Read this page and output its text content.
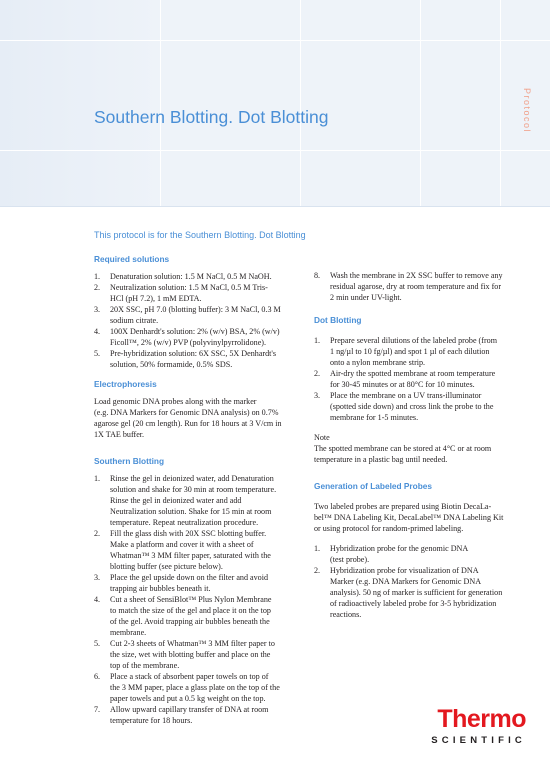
Protocol
Southern Blotting. Dot Blotting
This protocol is for the Southern Blotting. Dot Blotting
Required solutions
1. Denaturation solution: 1.5 M NaCl, 0.5 M NaOH.
2. Neutralization solution: 1.5 M NaCl, 0.5 M Tris-
HCl (pH 7.2), 1 mM EDTA.
3. 20X SSC, pH 7.0 (blotting buffer): 3 M NaCl, 0.3 M
sodium citrate.
4. 100X Denhardt's solution: 2% (w/v) BSA, 2% (w/v)
Ficoll™, 2% (w/v) PVP (polyvinylpyrrolidone).
5. Pre-hybridization solution: 6X SSC, 5X Denhardt's
solution, 50% formamide, 0.5% SDS.
Electrophoresis

Load genomic DNA probes along with the marker
(e.g. DNA Markers for Genomic DNA analysis) on 0.7%
agarose gel (20 cm length). Run for 18 hours at 3 V/cm in
1X TAE buffer.

Southern Blotting
1. Rinse the gel in deionized water, add Denaturation
solution and shake for 30 min at room temperature.
Rinse the gel in deionized water and add
Neutralization solution. Shake for 15 min at room
temperature. Repeat neutralization procedure.
2. Fill the glass dish with 20X SSC blotting buffer.
Make a platform and cover it with a sheet of
Whatman™ 3 MM filter paper, saturated with the
blotting buffer (see picture below).
3. Place the gel upside down on the filter and avoid
trapping air bubbles beneath it.
4. Cut a sheet of SensiBlot™ Plus Nylon Membrane
to match the size of the gel and place it on the top
of the gel. Avoid trapping air bubbles beneath the
membrane.
5. Cut 2-3 sheets of Whatman™ 3 MM filter paper to
the size, wet with blotting buffer and place on the
top of the membrane.
6. Place a stack of absorbent paper towels on top of
the 3 MM paper, place a glass plate on the top of the
paper towels and put a 0.5 kg weight on the top.
7. Allow upward capillary transfer of DNA at room
temperature for 18 hours.
8. Wash the membrane in 2X SSC buffer to remove any
residual agarose, dry at room temperature and fix for
2 min under UV-light.
Dot Blotting
1. Prepare several dilutions of the labeled probe (from
1 ng/µl to 10 fg/µl) and spot 1 µl of each dilution
onto a nylon membrane strip.
2. Air-dry the spotted membrane at room temperature
for 30-45 minutes or at 80°C for 10 minutes.
3. Place the membrane on a UV trans-illuminator
(spotted side down) and cross link the probe to the
membrane for 1-5 minutes.

Note

The spotted membrane can be stored at 4°C or at room
temperature in a plastic bag until needed.

Generation of Labeled Probes

Two labeled probes are prepared using Biotin DecaLa-
bel™ DNA Labeling Kit, DecaLabel™ DNA Labeling Kit
or using protocol for random-primed labeling.

1. Hybridization probe for the genomic DNA
(test probe).
2. Hybridization probe for visualization of DNA
Marker (e.g. DNA Markers for Genomic DNA
analysis). 50 ng of marker is sufficient for generation
of radioactively labeled probe for 3-5 hybridization
reactions.
Thermo
SCIENTIFIC
